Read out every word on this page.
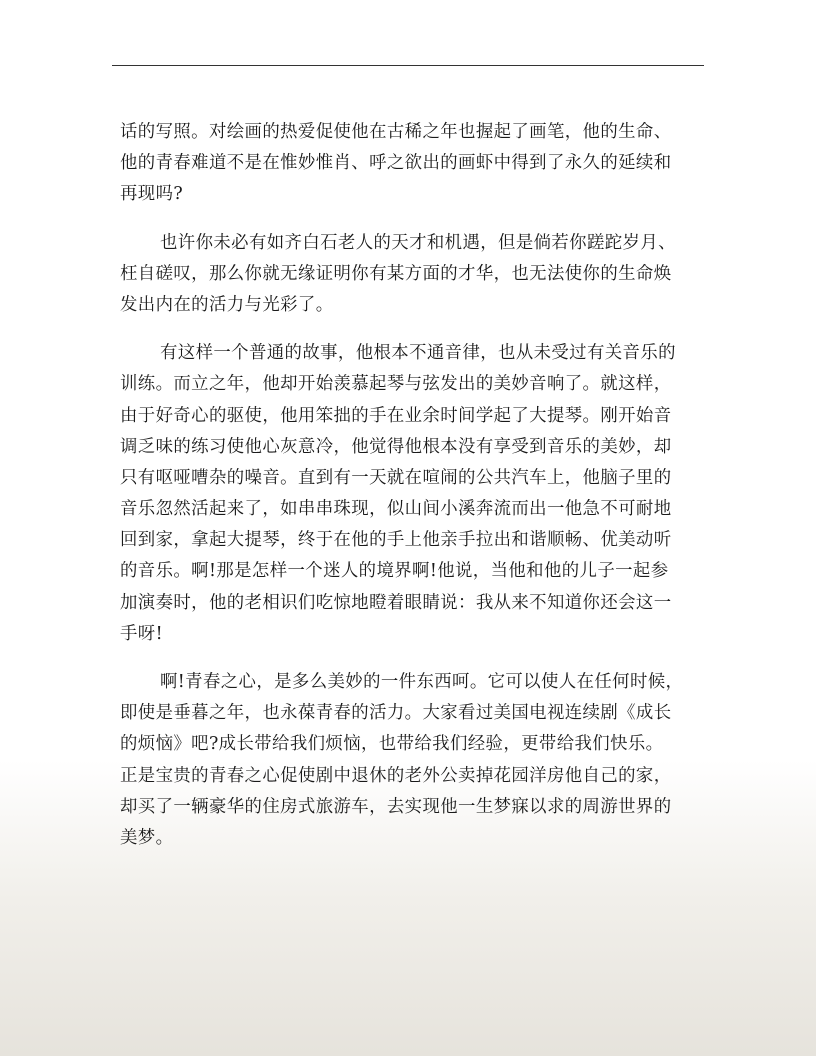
话的写照。对绘画的热爱促使他在古稀之年也握起了画笔，他的生命、
他的青春难道不是在惟妙惟肖、呼之欲出的画虾中得到了永久的延续和
再现吗?

也许你未必有如齐白石老人的天才和机遇，但是倘若你蹉跎岁月、
枉自磋叹，那么你就无缘证明你有某方面的才华，也无法使你的生命焕
发出内在的活力与光彩了。

有这样一个普通的故事，他根本不通音律，也从未受过有关音乐的
训练。而立之年，他却开始羡慕起琴与弦发出的美妙音响了。就这样，
由于好奇心的驱使，他用笨拙的手在业余时间学起了大提琴。刚开始音
调乏味的练习使他心灰意冷，他觉得他根本没有享受到音乐的美妙，却
只有呕哑嘈杂的噪音。直到有一天就在喧闹的公共汽车上，他脑子里的
音乐忽然活起来了，如串串珠现，似山间小溪奔流而出一他急不可耐地
回到家，拿起大提琴，终于在他的手上他亲手拉出和谐顺畅、优美动听
的音乐。啊!那是怎样一个迷人的境界啊!他说，当他和他的儿子一起参
加演奏时，他的老相识们吃惊地瞪着眼睛说：我从来不知道你还会这一
手呀!

啊!青春之心，是多么美妙的一件东西呵。它可以使人在任何时候，
即使是垂暮之年，也永葆青春的活力。大家看过美国电视连续剧《成长
的烦恼》吧?成长带给我们烦恼，也带给我们经验，更带给我们快乐。
正是宝贵的青春之心促使剧中退休的老外公卖掉花园洋房他自己的家，
却买了一辆豪华的住房式旅游车，去实现他一生梦寐以求的周游世界的
美梦。
